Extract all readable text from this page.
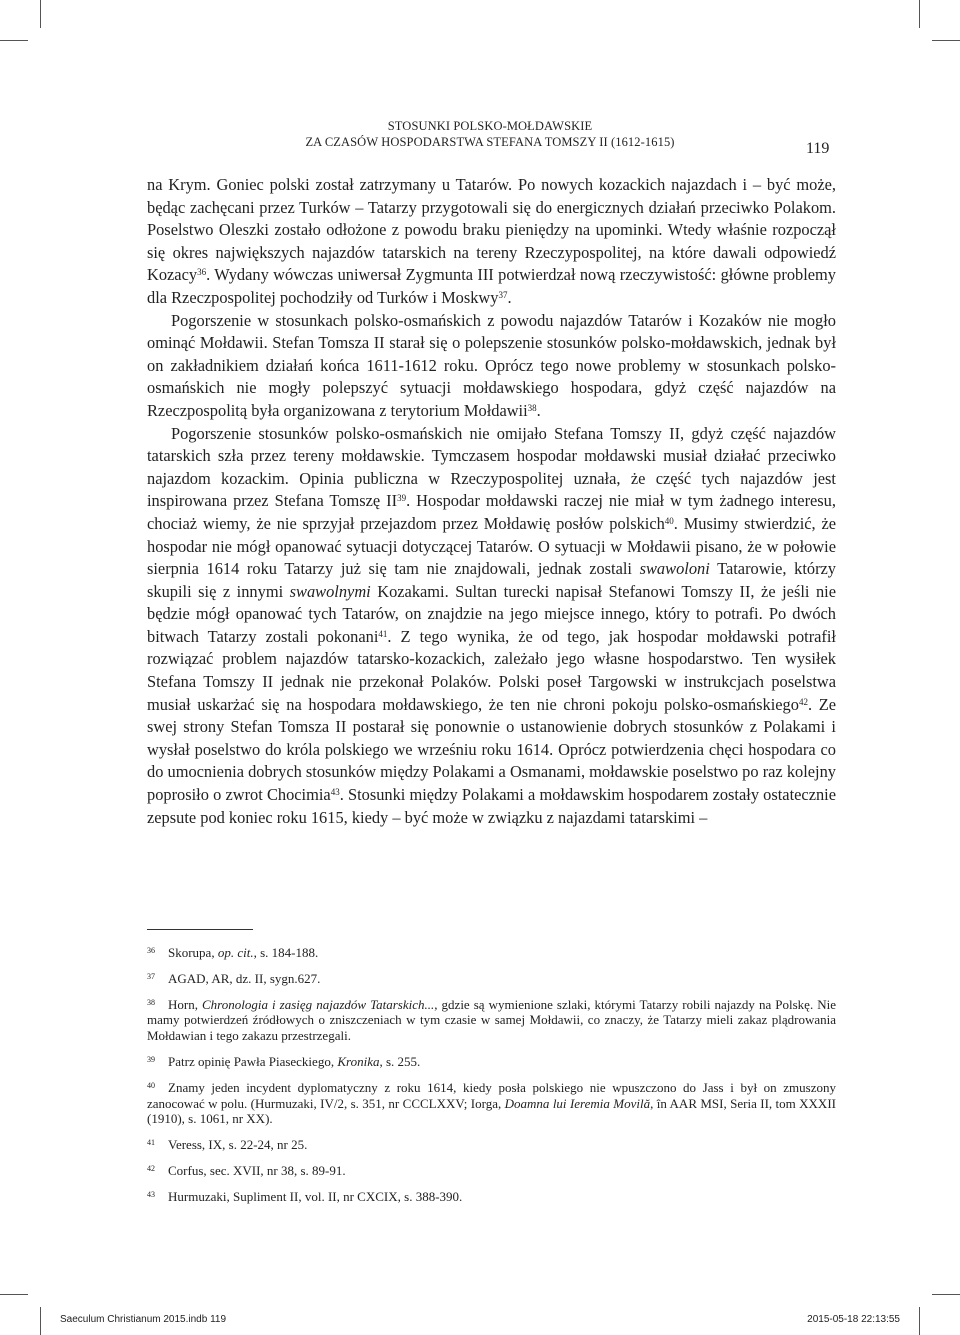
STOSUNKI POLSKO-MOŁDAWSKIE
ZA CZASÓW HOSPODARSTWA STEFANA TOMSZY II (1612-1615)	119

na Krym. Goniec polski został zatrzymany u Tatarów. Po nowych kozackich najazdach i – być może, będąc zachęcani przez Turków – Tatarzy przygotowali się do energicznych działań przeciwko Polakom. Poselstwo Oleszki zostało odłożone z powodu braku pieniędzy na upominki. Wtedy właśnie rozpoczął się okres największych najazdów tatarskich na tereny Rzeczypospolitej, na które dawali odpowiedź Kozacy$^{36}$. Wydany wówczas uniwersał Zygmunta III potwierdzał nową rzeczywistość: główne problemy dla Rzeczpospolitej pochodziły od Turków i Moskwy$^{37}$.

Pogorszenie w stosunkach polsko-osmańskich z powodu najazdów Tatarów i Kozaków nie mogło ominąć Mołdawii. Stefan Tomsza II starał się o polepszenie stosunków polsko-mołdawskich, jednak był on zakładnikiem działań końca 1611-1612 roku. Oprócz tego nowe problemy w stosunkach polsko-osmańskich nie mogły polepszyć sytuacji mołdawskiego hospodara, gdyż część najazdów na Rzeczpospolitą była organizowana z terytorium Mołdawii$^{38}$.

Pogorszenie stosunków polsko-osmańskich nie omijało Stefana Tomszy II, gdyż część najazdów tatarskich szła przez tereny mołdawskie. Tymczasem hospodar mołdawski musiał działać przeciwko najazdom kozackim. Opinia publiczna w Rzeczypospolitej uznała, że część tych najazdów jest inspirowana przez Stefana Tomszę II$^{39}$. Hospodar mołdawski raczej nie miał w tym żadnego interesu, chociaż wiemy, że nie sprzyjał przejazdom przez Mołdawię posłów polskich$^{40}$. Musimy stwierdzić, że hospodar nie mógł opanować sytuacji dotyczącej Tatarów. O sytuacji w Mołdawii pisano, że w połowie sierpnia 1614 roku Tatarzy już się tam nie znajdowali, jednak zostali swawoloni Tatarowie, którzy skupili się z innymi swawolnymi Kozakami. Sultan turecki napisał Stefanowi Tomszy II, że jeśli nie będzie mógł opanować tych Tatarów, on znajdzie na jego miejsce innego, który to potrafi. Po dwóch bitwach Tatarzy zostali pokonani$^{41}$. Z tego wynika, że od tego, jak hospodar mołdawski potrafił rozwiązać problem najazdów tatarsko-kozackich, zależało jego własne hospodarstwo. Ten wysiłek Stefana Tomszy II jednak nie przekonał Polaków. Polski poseł Targowski w instrukcjach poselstwa musiał uskarżać się na hospodara mołdawskiego, że ten nie chroni pokoju polsko-osmańskiego$^{42}$. Ze swej strony Stefan Tomsza II postarał się ponownie o ustanowienie dobrych stosunków z Polakami i wysłał poselstwo do króla polskiego we wrześniu roku 1614. Oprócz potwierdzenia chęci hospodara co do umocnienia dobrych stosunków między Polakami a Osmanami, mołdawskie poselstwo po raz kolejny poprosiło o zwrot Chocimia$^{43}$. Stosunki między Polakami a mołdawskim hospodarem zostały ostatecznie zepsute pod koniec roku 1615, kiedy – być może w związku z najazdami tatarskimi –

$^{36}$ Skorupa, op. cit., s. 184-188.
$^{37}$ AGAD, AR, dz. II, sygn.627.
$^{38}$ Horn, Chronologia i zasięg najazdów Tatarskich..., gdzie są wymienione szlaki, którymi Tatarzy robili najazdy na Polskę. Nie mamy potwierdzeń źródłowych o zniszczeniach w tym czasie w samej Mołdawii, co znaczy, że Tatarzy mieli zakaz plądrowania Mołdawian i tego zakazu przestrzegali.
$^{39}$ Patrz opinię Pawła Piaseckiego, Kronika, s. 255.
$^{40}$ Znamy jeden incydent dyplomatyczny z roku 1614, kiedy posła polskiego nie wpuszczono do Jass i był on zmuszony zanocować w polu. (Hurmuzaki, IV/2, s. 351, nr CCCLXXV; Iorga, Doamna lui Ieremia Movilă, în AAR MSI, Seria II, tom XXXII (1910), s. 1061, nr XX).
$^{41}$ Veress, IX, s. 22-24, nr 25.
$^{42}$ Corfus, sec. XVII, nr 38, s. 89-91.
$^{43}$ Hurmuzaki, Supliment II, vol. II, nr CXCIX, s. 388-390.
Saeculum Christianum 2015.indb 119	2015-05-18 22:13:55
